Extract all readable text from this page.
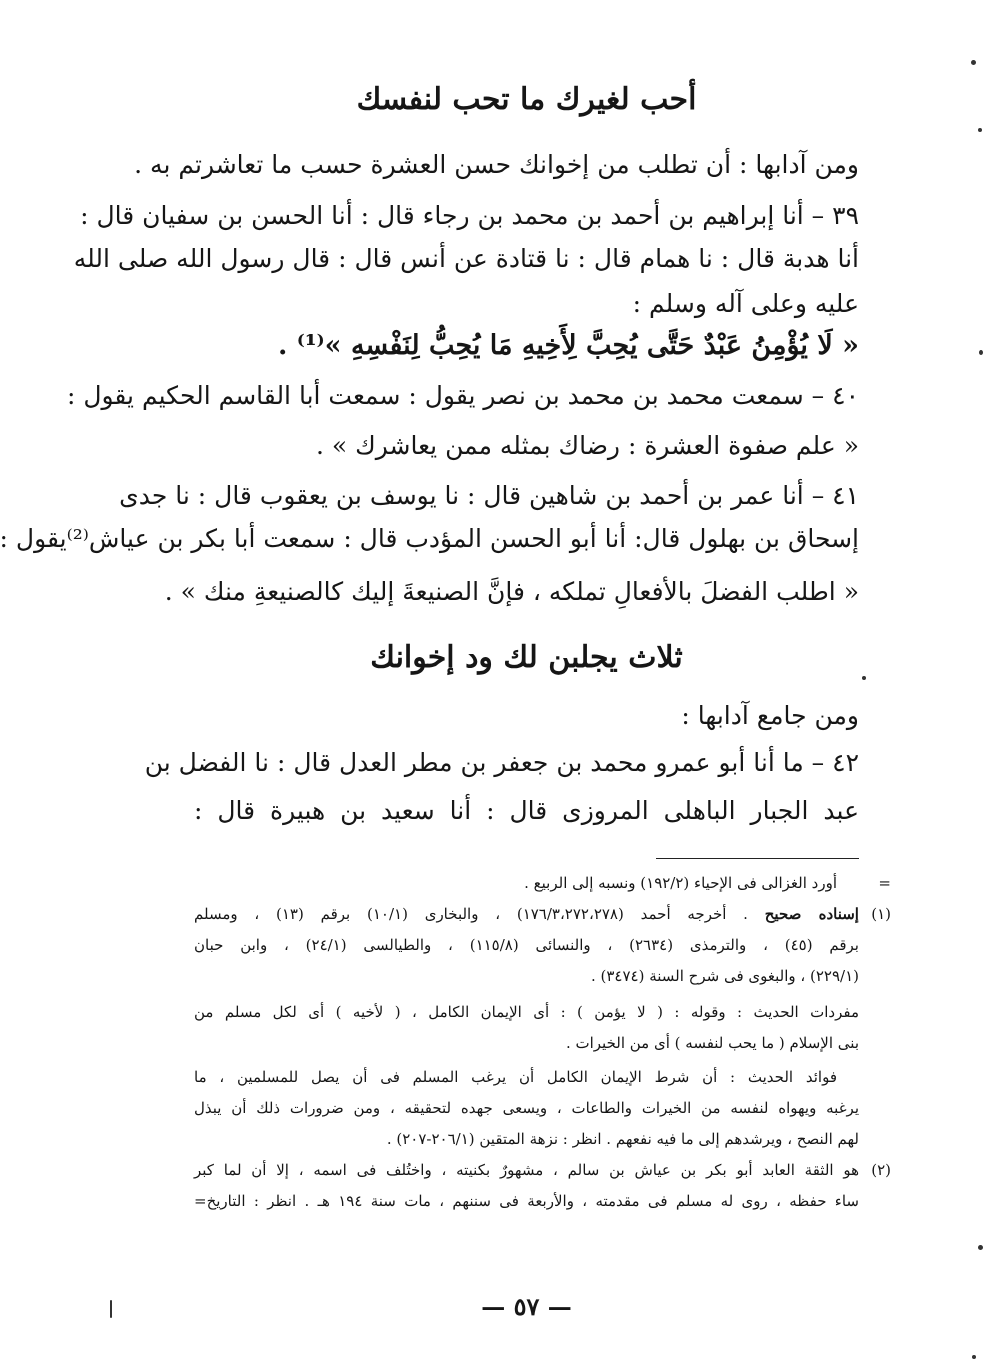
أحب لغيرك ما تحب لنفسك
ومن آدابها : أن تطلب من إخوانك حسن العشرة حسب ما تعاشرتم به .
٣٩ – أنا إبراهيم بن أحمد بن محمد بن رجاء قال : أنا الحسن بن سفيان قال :
أنا هدبة قال : نا همام قال : نا قتادة عن أنس قال : قال رسول الله صلى الله
عليه وعلى آله وسلم :
« لَا يُؤْمِنُ عَبْدٌ حَتَّى يُحِبَّ لِأَخِيهِ مَا يُحِبُّ لِنَفْسِهِ »⁽¹⁾ .
٤٠ – سمعت محمد بن محمد بن نصر يقول : سمعت أبا القاسم الحكيم يقول :
« علم صفوة العشرة : رضاك بمثله ممن يعاشرك » .
٤١ – أنا عمر بن أحمد بن شاهين قال : نا يوسف بن يعقوب قال : نا جدى
إسحاق بن بهلول قال: أنا أبو الحسن المؤدب قال : سمعت أبا بكر بن عياش⁽²⁾يقول :
« اطلب الفضلَ بالأفعالِ تملكه ، فإنَّ الصنيعةَ إليك كالصنيعةِ منك » .
ثلاث يجلبن لك ود إخوانك
ومن جامع آدابها :
٤٢ – ما أنا أبو عمرو محمد بن جعفر بن مطر العدل قال : نا الفضل بن
عبد الجبار الباهلى المروزى قال : أنا سعيد بن هبيرة قال :
=
أورد الغزالى فى الإحياء (١٩٢/٢) ونسبه إلى الربيع .
(١)
إسناده صحيح . أخرجه أحمد (١٧٦/٣،٢٧٢،٢٧٨) ، والبخارى (١٠/١) برقم (١٣) ، ومسلم
برقم (٤٥) ، والترمذى (٢٦٣٤) ، والنسائى (١١٥/٨) ، والطيالسى (٢٤/١) ، وابن حبان
(٢٢٩/١) ، والبغوى فى شرح السنة (٣٤٧٤) .
مفردات الحديث : وقوله : ( لا يؤمن ) : أى الإيمان الكامل ، ( لأخيه ) أى لكل مسلم من
بنى الإسلام ( ما يحب لنفسه ) أى من الخيرات .
فوائد الحديث : أن شرط الإيمان الكامل أن يرغب المسلم فى أن يصل للمسلمين ، ما
يرغبه ويهواه لنفسه من الخيرات والطاعات ، ويسعى جهده لتحقيقه ، ومن ضرورات ذلك أن يبذل
لهم النصح ، ويرشدهم إلى ما فيه نفعهم . انظر : نزهة المتقين (٢٠٦/١-٢٠٧) .
(٢)
هو الثقة العابد أبو بكر بن عياش بن سالم ، مشهورٌ بكنيته ، واختُلف فى اسمه ، إلا أن لما كبر
ساء حفظه ، روى له مسلم فى مقدمته ، والأربعة فى سننهم ، مات سنة ١٩٤ هـ . انظر : التاريخ=
— ٥٧ —
